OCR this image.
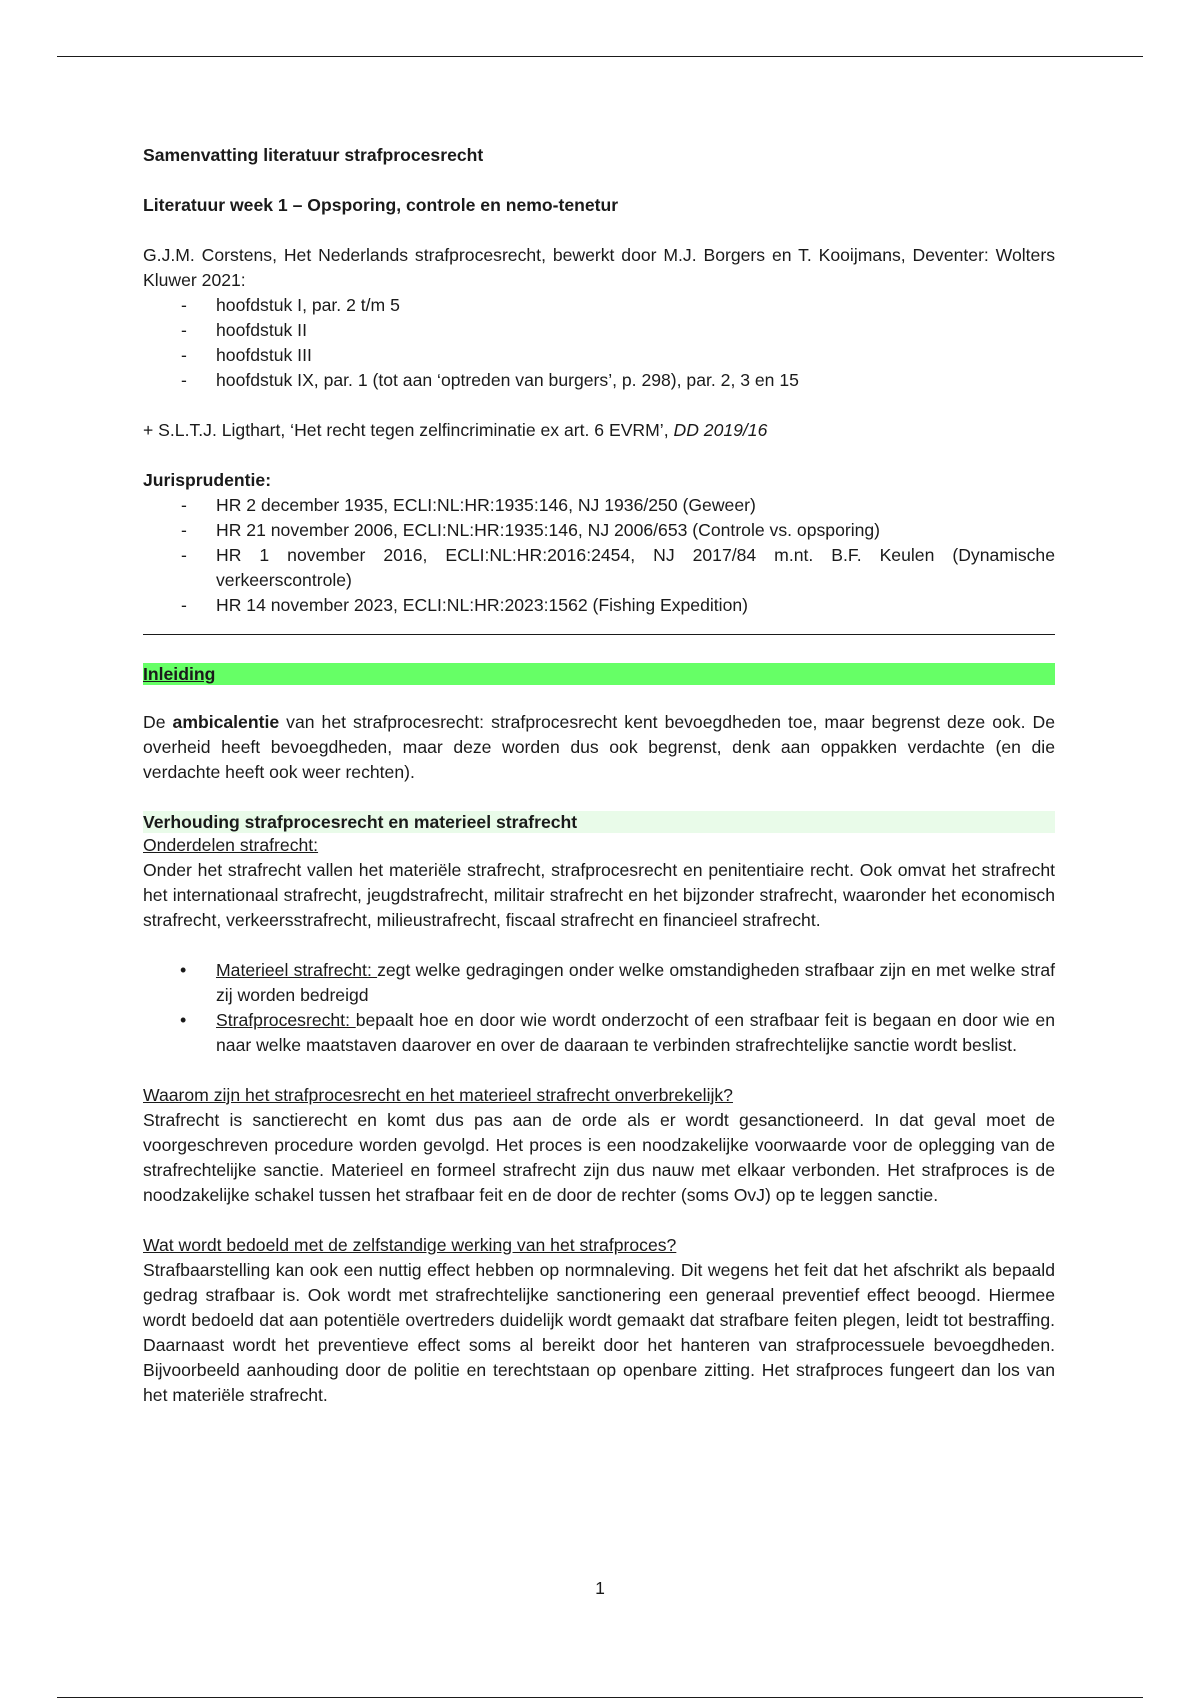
Samenvatting literatuur strafprocesrecht

Literatuur week 1 – Opsporing, controle en nemo-tenetur

G.J.M. Corstens, Het Nederlands strafprocesrecht, bewerkt door M.J. Borgers en T. Kooijmans, Deventer: Wolters Kluwer 2021:

- hoofdstuk I, par. 2 t/m 5
- hoofdstuk II
- hoofdstuk III
- hoofdstuk IX, par. 1 (tot aan ‘optreden van burgers’, p. 298), par. 2, 3 en 15

+ S.L.T.J. Ligthart, ‘Het recht tegen zelfincriminatie ex art. 6 EVRM’, DD 2019/16

Jurisprudentie:

- HR 2 december 1935, ECLI:NL:HR:1935:146, NJ 1936/250 (Geweer)
- HR 21 november 2006, ECLI:NL:HR:1935:146, NJ 2006/653 (Controle vs. opsporing)
- HR 1 november 2016, ECLI:NL:HR:2016:2454, NJ 2017/84 m.nt. B.F. Keulen (Dynamische verkeerscontrole)
- HR 14 november 2023, ECLI:NL:HR:2023:1562 (Fishing Expedition)
Inleiding

De ambicalentie van het strafprocesrecht: strafprocesrecht kent bevoegdheden toe, maar begrenst deze ook. De overheid heeft bevoegdheden, maar deze worden dus ook begrenst, denk aan oppakken verdachte (en die verdachte heeft ook weer rechten).

Verhouding strafprocesrecht en materieel strafrecht

Onderdelen strafrecht:

Onder het strafrecht vallen het materiële strafrecht, strafprocesrecht en penitentiaire recht. Ook omvat het strafrecht het internationaal strafrecht, jeugdstrafrecht, militair strafrecht en het bijzonder strafrecht, waaronder het economisch strafrecht, verkeersstrafrecht, milieustrafrecht, fiscaal strafrecht en financieel strafrecht.

• Materieel strafrecht: zegt welke gedragingen onder welke omstandigheden strafbaar zijn en met welke straf zij worden bedreigd
• Strafprocesrecht: bepaalt hoe en door wie wordt onderzocht of een strafbaar feit is begaan en door wie en naar welke maatstaven daarover en over de daaraan te verbinden strafrechtelijke sanctie wordt beslist.

Waarom zijn het strafprocesrecht en het materieel strafrecht onverbrekelijk?

Strafrecht is sanctierecht en komt dus pas aan de orde als er wordt gesanctioneerd. In dat geval moet de voorgeschreven procedure worden gevolgd. Het proces is een noodzakelijke voorwaarde voor de oplegging van de strafrechtelijke sanctie. Materieel en formeel strafrecht zijn dus nauw met elkaar verbonden. Het strafproces is de noodzakelijke schakel tussen het strafbaar feit en de door de rechter (soms OvJ) op te leggen sanctie.

Wat wordt bedoeld met de zelfstandige werking van het strafproces?

Strafbaarstelling kan ook een nuttig effect hebben op normnaleving. Dit wegens het feit dat het afschrikt als bepaald gedrag strafbaar is. Ook wordt met strafrechtelijke sanctionering een generaal preventief effect beoogd. Hiermee wordt bedoeld dat aan potentiële overtreders duidelijk wordt gemaakt dat strafbare feiten plegen, leidt tot bestraffing. Daarnaast wordt het preventieve effect soms al bereikt door het hanteren van strafprocessuele bevoegdheden. Bijvoorbeeld aanhouding door de politie en terechtstaan op openbare zitting. Het strafproces fungeert dan los van het materiële strafrecht.

1
